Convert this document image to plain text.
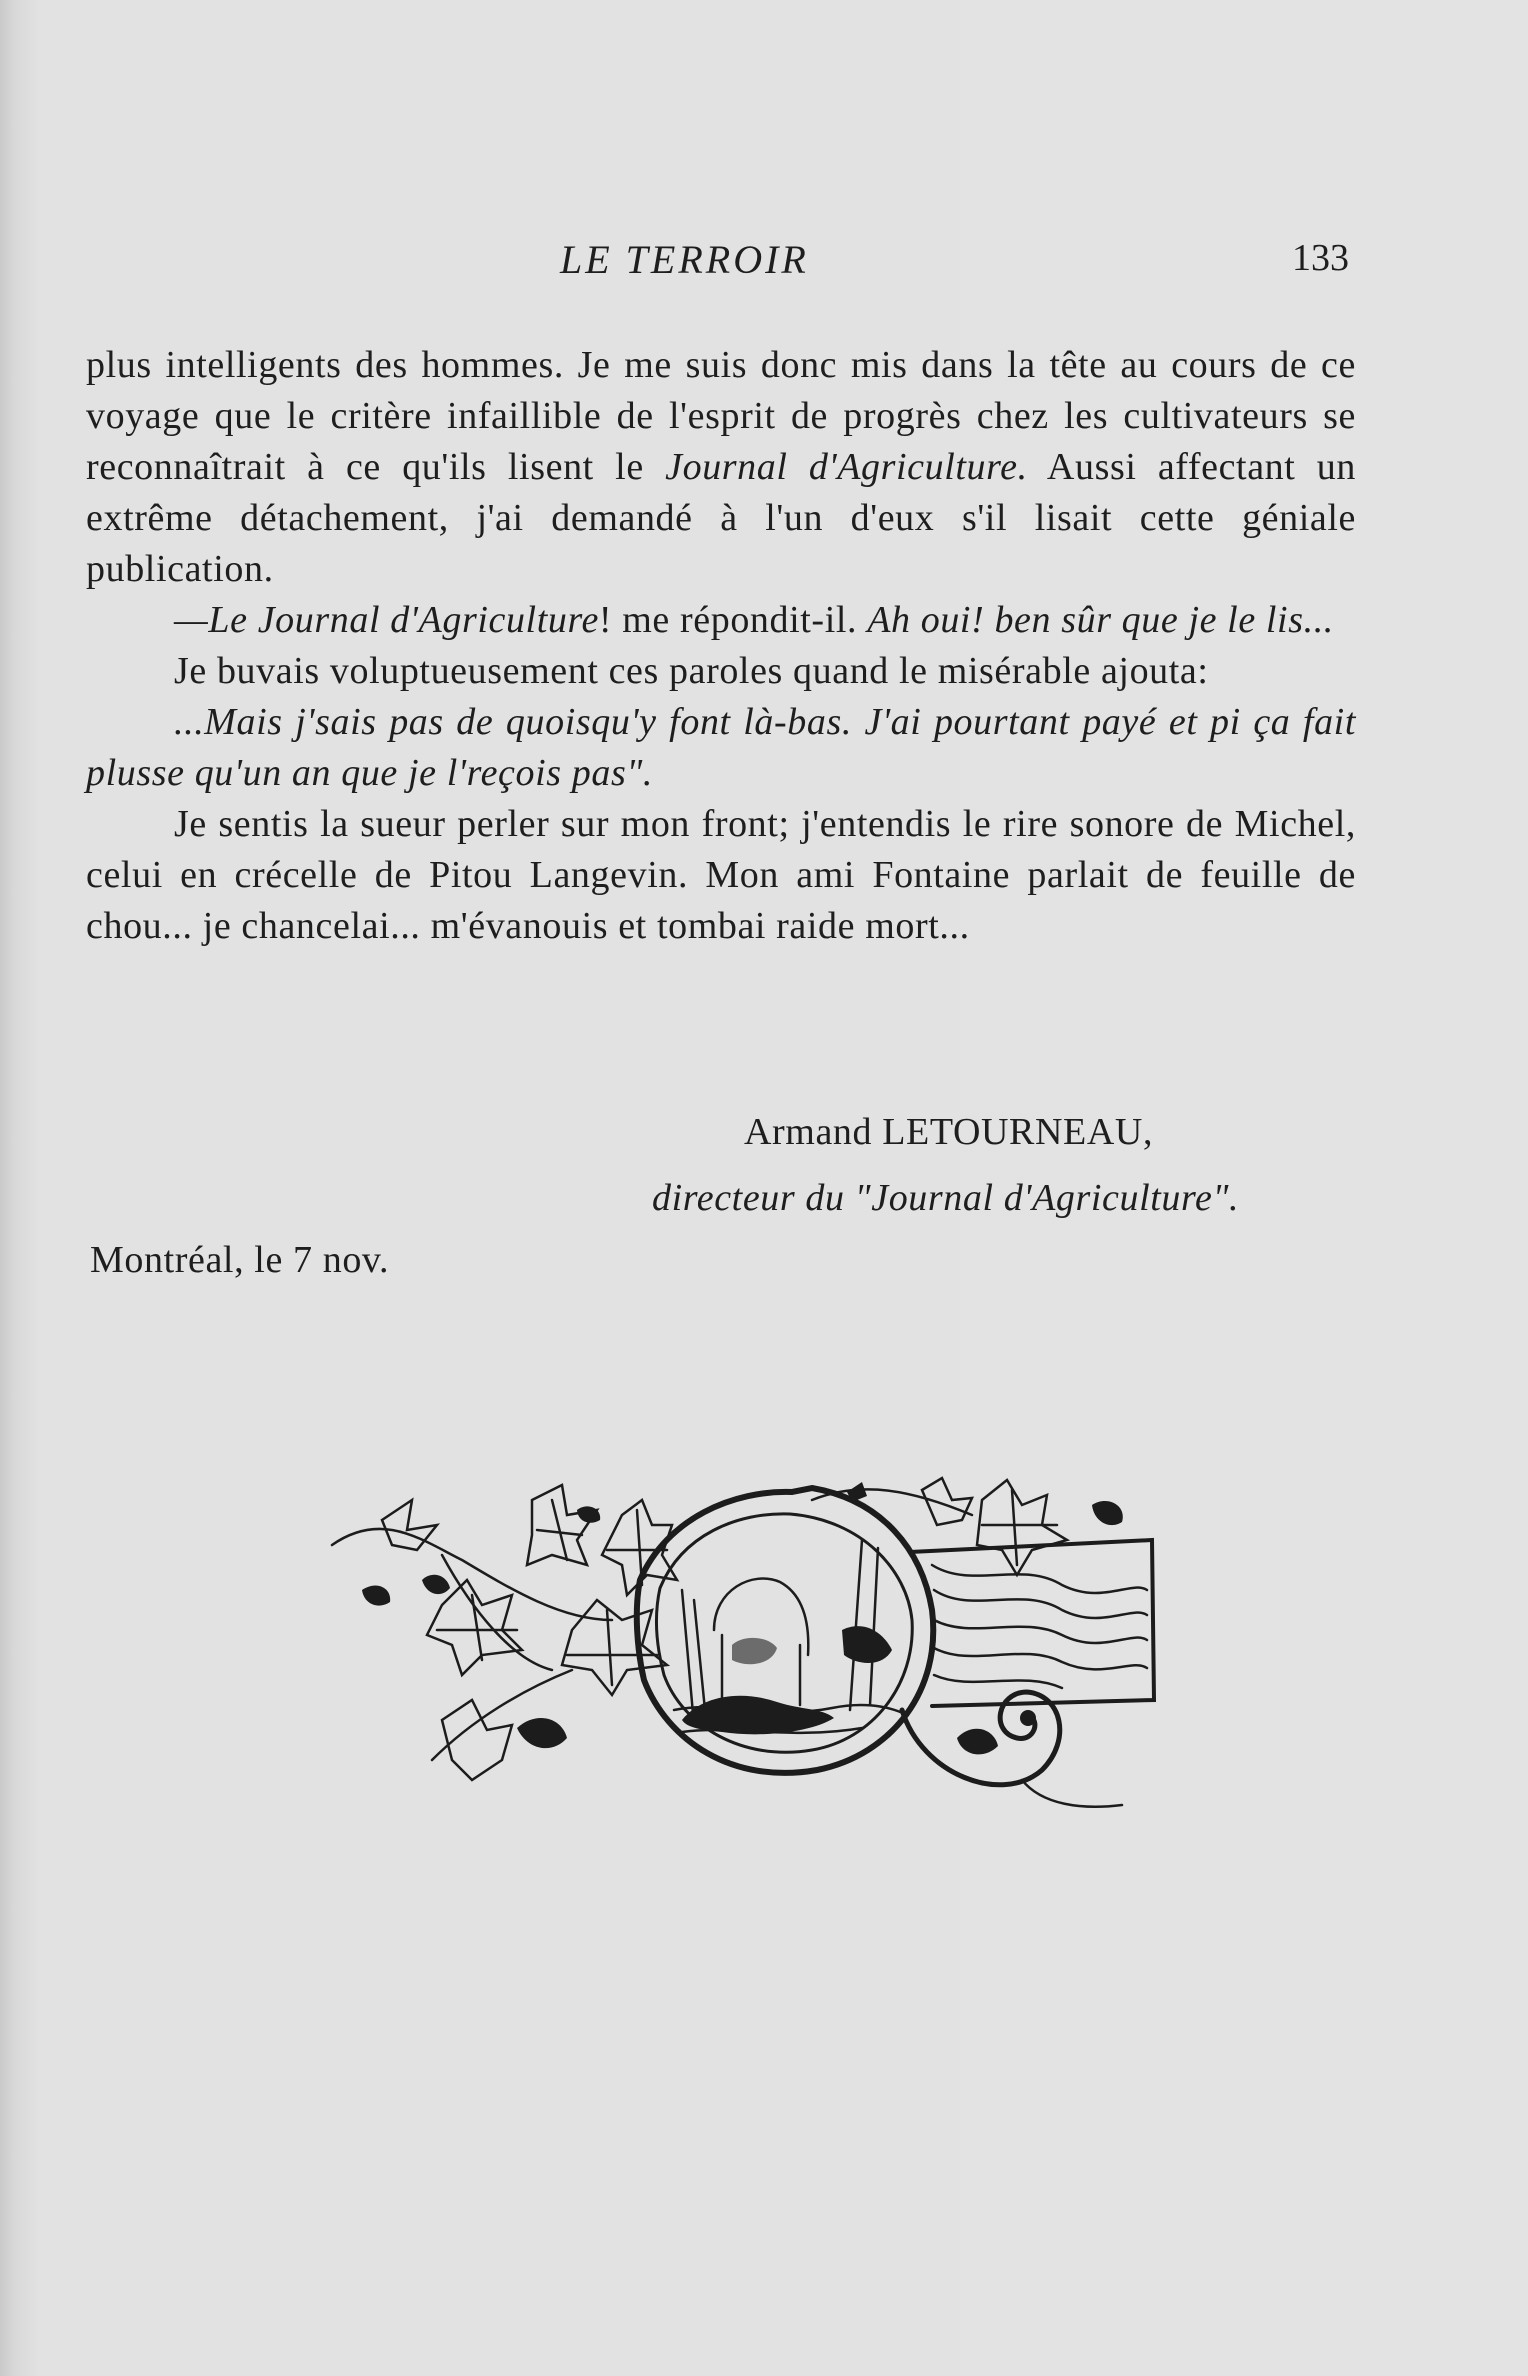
LE TERROIR	133

plus intelligents des hommes. Je me suis donc mis dans la tête au cours de ce voyage que le critère infaillible de l'esprit de progrès chez les cultivateurs se reconnaîtrait à ce qu'ils lisent le Journal d'Agriculture. Aussi affectant un extrême détachement, j'ai demandé à l'un d'eux s'il lisait cette géniale publication.

—Le Journal d'Agriculture! me répondit-il. Ah oui! ben sûr que je le lis...

Je buvais voluptueusement ces paroles quand le misérable ajouta:

...Mais j'sais pas de quoisqu'y font là-bas. J'ai pourtant payé et pi ça fait plusse qu'un an que je l'reçois pas".

Je sentis la sueur perler sur mon front; j'entendis le rire sonore de Michel, celui en crécelle de Pitou Langevin. Mon ami Fontaine parlait de feuille de chou... je chancelai... m'évanouis et tombai raide mort...

Armand LETOURNEAU,
directeur du "Journal d'Agriculture".
Montréal, le 7 nov.
